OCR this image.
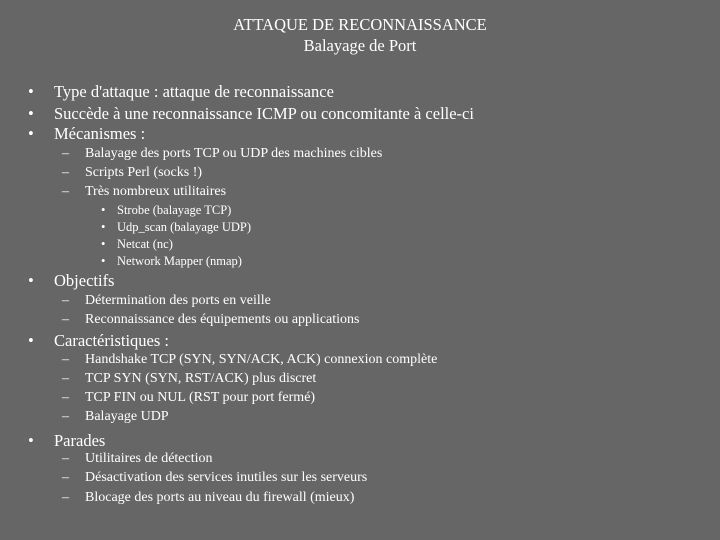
ATTAQUE DE RECONNAISSANCE
Balayage de Port
• Type d'attaque : attaque de reconnaissance
• Succède à une reconnaissance ICMP ou concomitante à celle-ci
• Mécanismes :
– Balayage des ports TCP ou UDP des machines cibles
– Scripts Perl (socks !)
– Très nombreux utilitaires
• Strobe (balayage TCP)
• Udp_scan (balayage UDP)
• Netcat (nc)
• Network Mapper (nmap)
• Objectifs
– Détermination des ports en veille
– Reconnaissance des équipements ou applications
• Caractéristiques :
– Handshake TCP (SYN, SYN/ACK, ACK) connexion complète
– TCP SYN (SYN, RST/ACK) plus discret
– TCP FIN ou NUL (RST pour port fermé)
– Balayage UDP
• Parades
– Utilitaires de détection
– Désactivation des services inutiles sur les serveurs
– Blocage des ports au niveau du firewall (mieux)
